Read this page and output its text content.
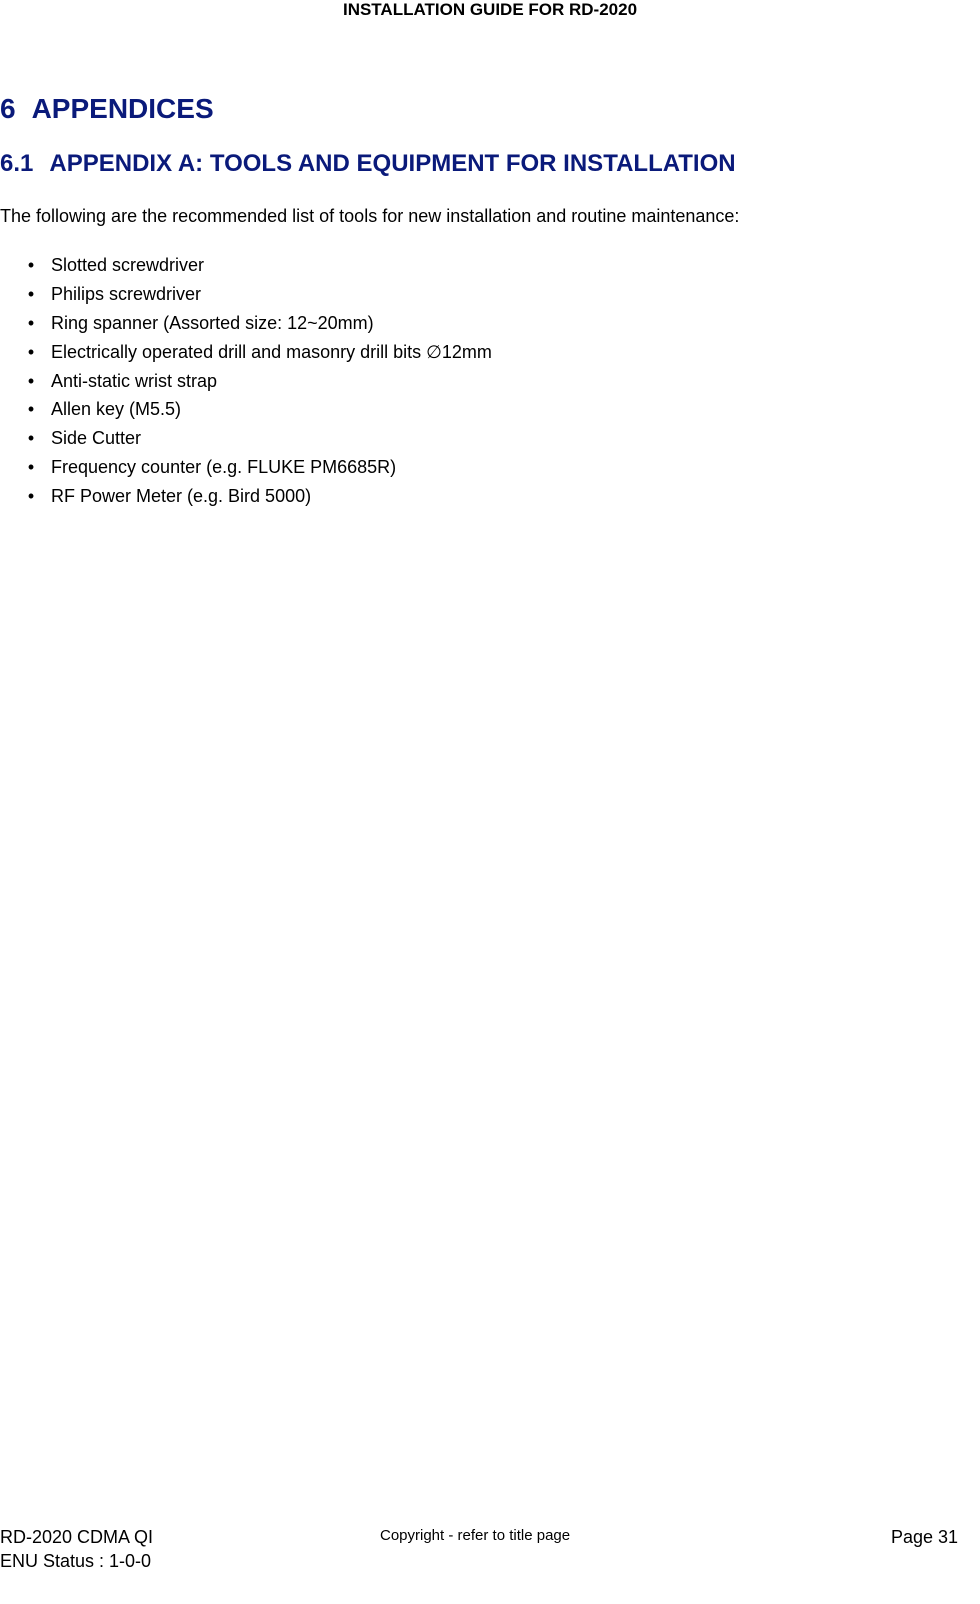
INSTALLATION GUIDE FOR RD-2020
6 APPENDICES
6.1 APPENDIX A: TOOLS AND EQUIPMENT FOR INSTALLATION

The following are the recommended list of tools for new installation and routine maintenance:

• Slotted screwdriver
• Philips screwdriver
• Ring spanner (Assorted size: 12~20mm)
• Electrically operated drill and masonry drill bits ∅12mm
• Anti-static wrist strap
• Allen key (M5.5)
• Side Cutter
• Frequency counter (e.g. FLUKE PM6685R)
• RF Power Meter (e.g. Bird 5000)
RD-2020 CDMA QI
ENU Status : 1-0-0
Copyright - refer to title page	Page 31
